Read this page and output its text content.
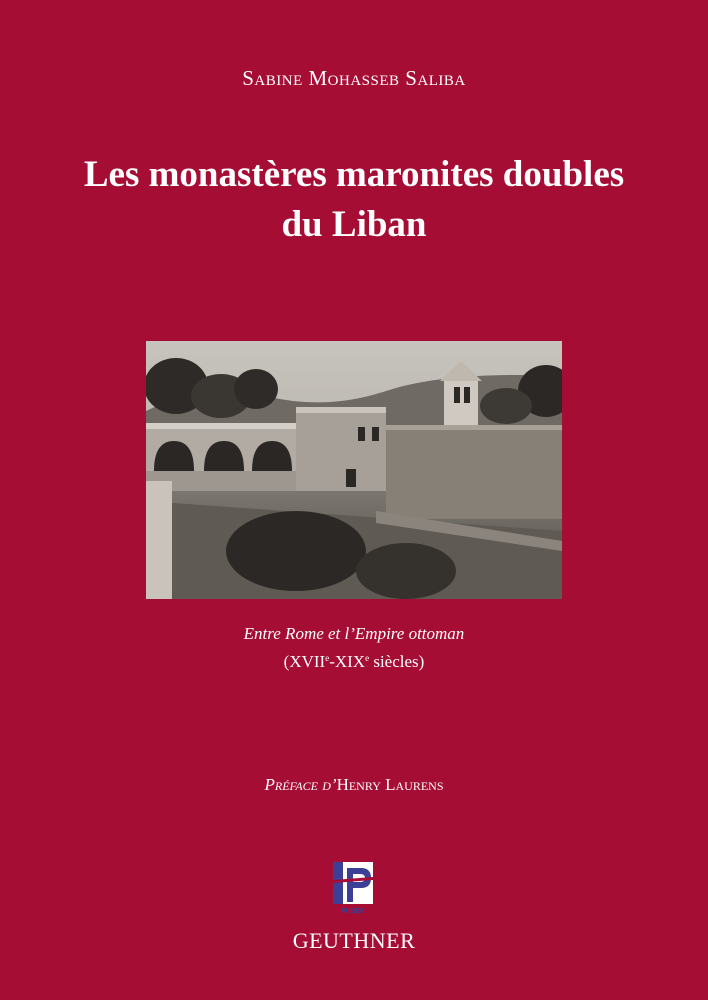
Sabine Mohasseb Saliba
Les monastères maronites doubles
du Liban
Entre Rome et l’Empire ottoman
(XVIIe-XIXe siècles)
Préface d’Henry Laurens
PUSEK
GEUTHNER
